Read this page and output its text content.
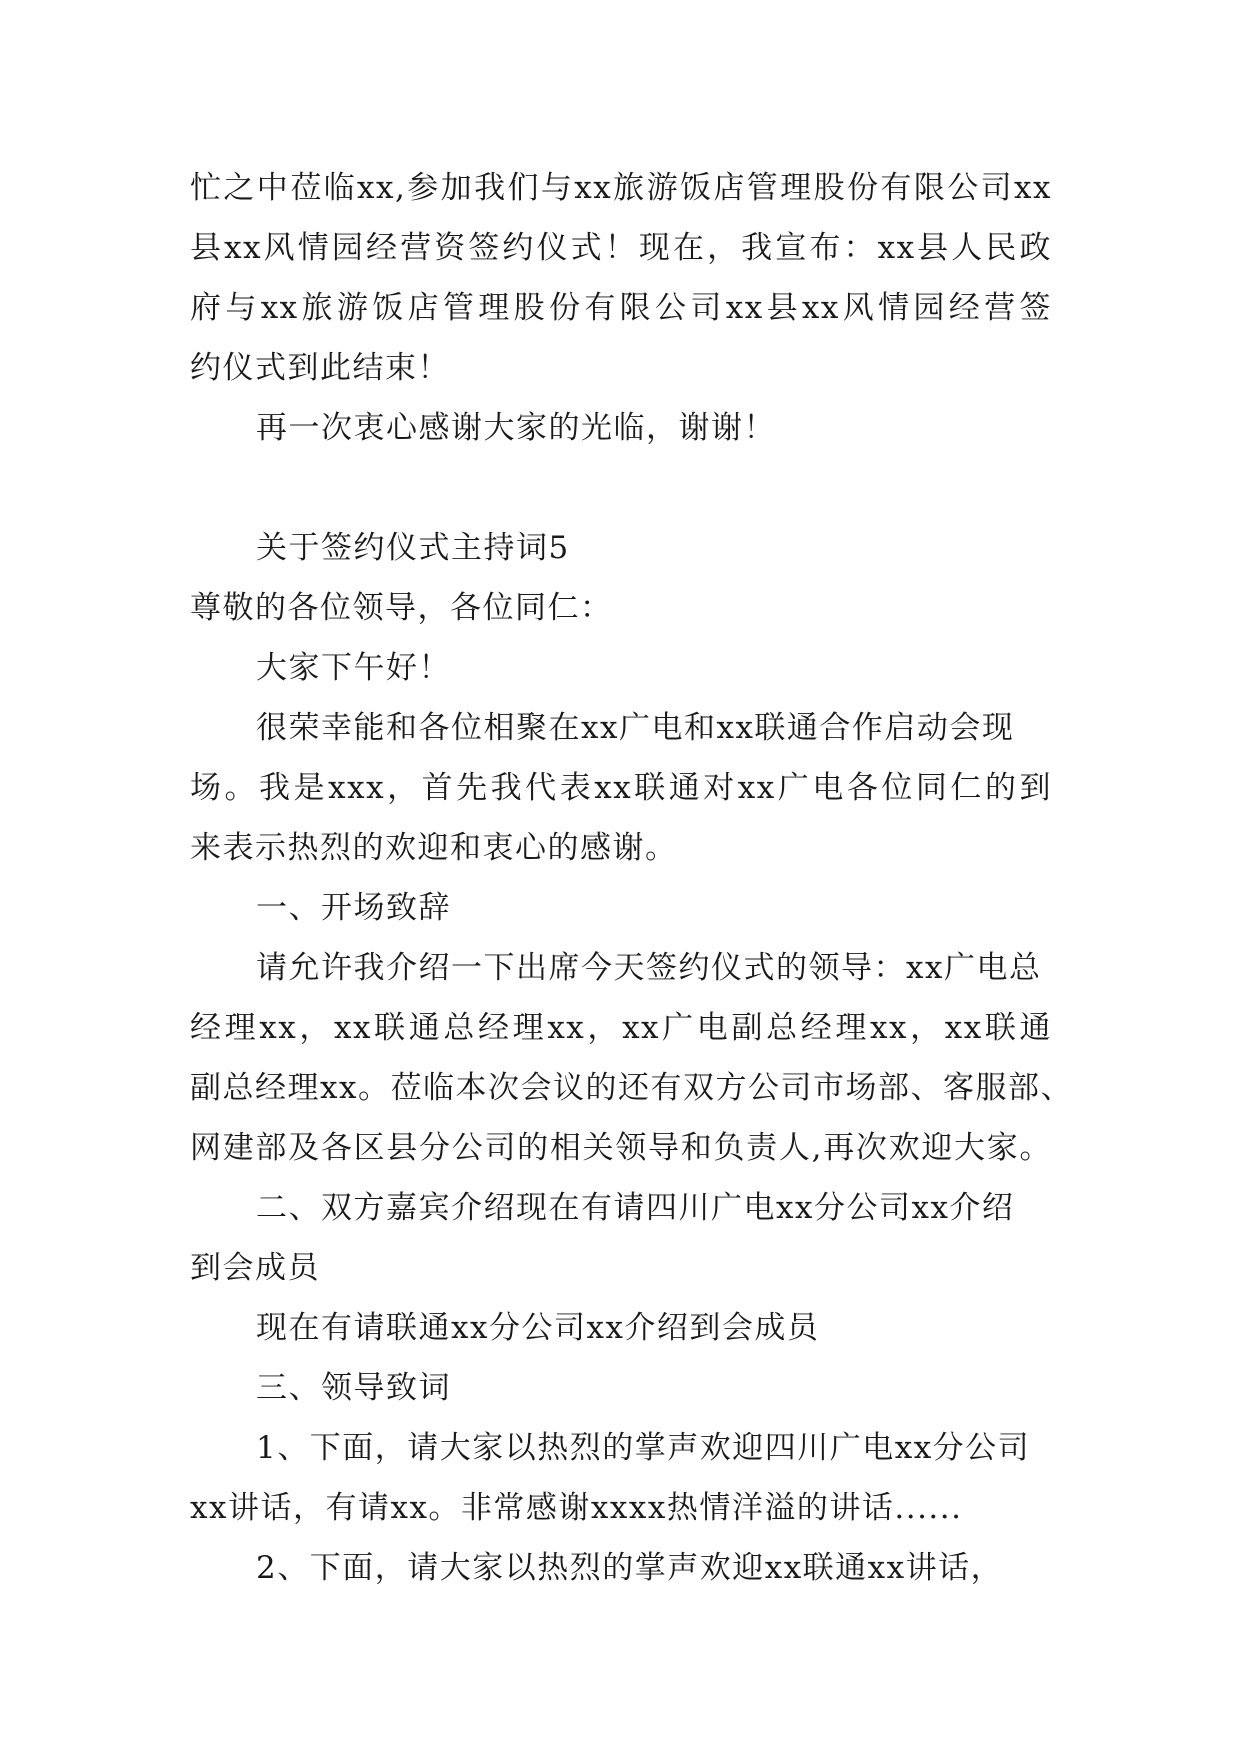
忙之中莅临xx,参加我们与xx旅游饭店管理股份有限公司xx
县xx风情园经营资签约仪式！现在，我宣布：xx县人民政
府与xx旅游饭店管理股份有限公司xx县xx风情园经营签
约仪式到此结束！
再一次衷心感谢大家的光临，谢谢！
关于签约仪式主持词5
尊敬的各位领导，各位同仁：
大家下午好！
很荣幸能和各位相聚在xx广电和xx联通合作启动会现
场。我是xxx，首先我代表xx联通对xx广电各位同仁的到
来表示热烈的欢迎和衷心的感谢。
一、开场致辞
请允许我介绍一下出席今天签约仪式的领导：xx广电总
经理xx，xx联通总经理xx，xx广电副总经理xx，xx联通
副总经理xx。莅临本次会议的还有双方公司市场部、客服部、
网建部及各区县分公司的相关领导和负责人,再次欢迎大家。
二、双方嘉宾介绍现在有请四川广电xx分公司xx介绍
到会成员
现在有请联通xx分公司xx介绍到会成员
三、领导致词
1、下面，请大家以热烈的掌声欢迎四川广电xx分公司
xx讲话，有请xx。非常感谢xxxx热情洋溢的讲话......
2、下面，请大家以热烈的掌声欢迎xx联通xx讲话，
